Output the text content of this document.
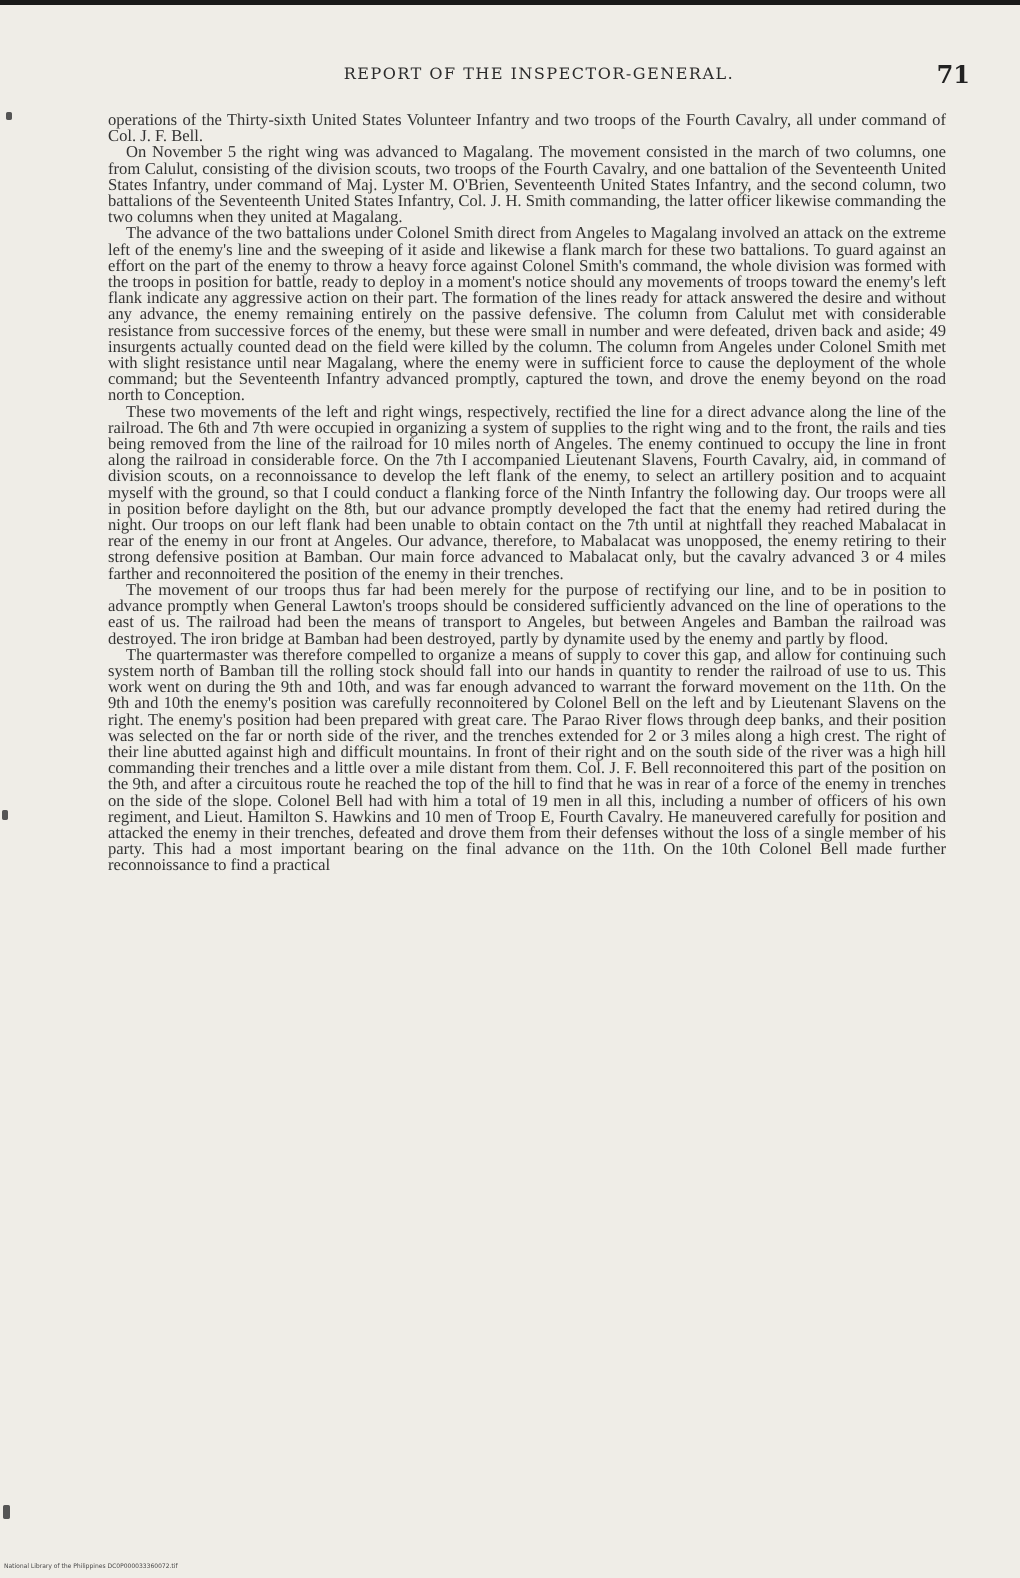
REPORT OF THE INSPECTOR-GENERAL.	71

operations of the Thirty-sixth United States Volunteer Infantry and two troops of the Fourth Cavalry, all under command of Col. J. F. Bell.

On November 5 the right wing was advanced to Magalang. The movement consisted in the march of two columns, one from Calulut, consisting of the division scouts, two troops of the Fourth Cavalry, and one battalion of the Seventeenth United States Infantry, under command of Maj. Lyster M. O'Brien, Seventeenth United States Infantry, and the second column, two battalions of the Seventeenth United States Infantry, Col. J. H. Smith commanding, the latter officer likewise commanding the two columns when they united at Magalang.

The advance of the two battalions under Colonel Smith direct from Angeles to Magalang involved an attack on the extreme left of the enemy's line and the sweeping of it aside and likewise a flank march for these two battalions. To guard against an effort on the part of the enemy to throw a heavy force against Colonel Smith's command, the whole division was formed with the troops in position for battle, ready to deploy in a moment's notice should any movements of troops toward the enemy's left flank indicate any aggressive action on their part. The formation of the lines ready for attack answered the desire and without any advance, the enemy remaining entirely on the passive defensive. The column from Calulut met with considerable resistance from successive forces of the enemy, but these were small in number and were defeated, driven back and aside; 49 insurgents actually counted dead on the field were killed by the column. The column from Angeles under Colonel Smith met with slight resistance until near Magalang, where the enemy were in sufficient force to cause the deployment of the whole command; but the Seventeenth Infantry advanced promptly, captured the town, and drove the enemy beyond on the road north to Conception.

These two movements of the left and right wings, respectively, rectified the line for a direct advance along the line of the railroad. The 6th and 7th were occupied in organizing a system of supplies to the right wing and to the front, the rails and ties being removed from the line of the railroad for 10 miles north of Angeles. The enemy continued to occupy the line in front along the railroad in considerable force. On the 7th I accompanied Lieutenant Slavens, Fourth Cavalry, aid, in command of division scouts, on a reconnoissance to develop the left flank of the enemy, to select an artillery position and to acquaint myself with the ground, so that I could conduct a flanking force of the Ninth Infantry the following day. Our troops were all in position before daylight on the 8th, but our advance promptly developed the fact that the enemy had retired during the night. Our troops on our left flank had been unable to obtain contact on the 7th until at nightfall they reached Mabalacat in rear of the enemy in our front at Angeles. Our advance, therefore, to Mabalacat was unopposed, the enemy retiring to their strong defensive position at Bamban. Our main force advanced to Mabalacat only, but the cavalry advanced 3 or 4 miles farther and reconnoitered the position of the enemy in their trenches.

The movement of our troops thus far had been merely for the purpose of rectifying our line, and to be in position to advance promptly when General Lawton's troops should be considered sufficiently advanced on the line of operations to the east of us. The railroad had been the means of transport to Angeles, but between Angeles and Bamban the railroad was destroyed. The iron bridge at Bamban had been destroyed, partly by dynamite used by the enemy and partly by flood.

The quartermaster was therefore compelled to organize a means of supply to cover this gap, and allow for continuing such system north of Bamban till the rolling stock should fall into our hands in quantity to render the railroad of use to us. This work went on during the 9th and 10th, and was far enough advanced to warrant the forward movement on the 11th. On the 9th and 10th the enemy's position was carefully reconnoitered by Colonel Bell on the left and by Lieutenant Slavens on the right. The enemy's position had been prepared with great care. The Parao River flows through deep banks, and their position was selected on the far or north side of the river, and the trenches extended for 2 or 3 miles along a high crest. The right of their line abutted against high and difficult mountains. In front of their right and on the south side of the river was a high hill commanding their trenches and a little over a mile distant from them. Col. J. F. Bell reconnoitered this part of the position on the 9th, and after a circuitous route he reached the top of the hill to find that he was in rear of a force of the enemy in trenches on the side of the slope. Colonel Bell had with him a total of 19 men in all this, including a number of officers of his own regiment, and Lieut. Hamilton S. Hawkins and 10 men of Troop E, Fourth Cavalry. He maneuvered carefully for position and attacked the enemy in their trenches, defeated and drove them from their defenses without the loss of a single member of his party. This had a most important bearing on the final advance on the 11th. On the 10th Colonel Bell made further reconnoissance to find a practical

National Library of the Philippines DC0P000033360072.tif
